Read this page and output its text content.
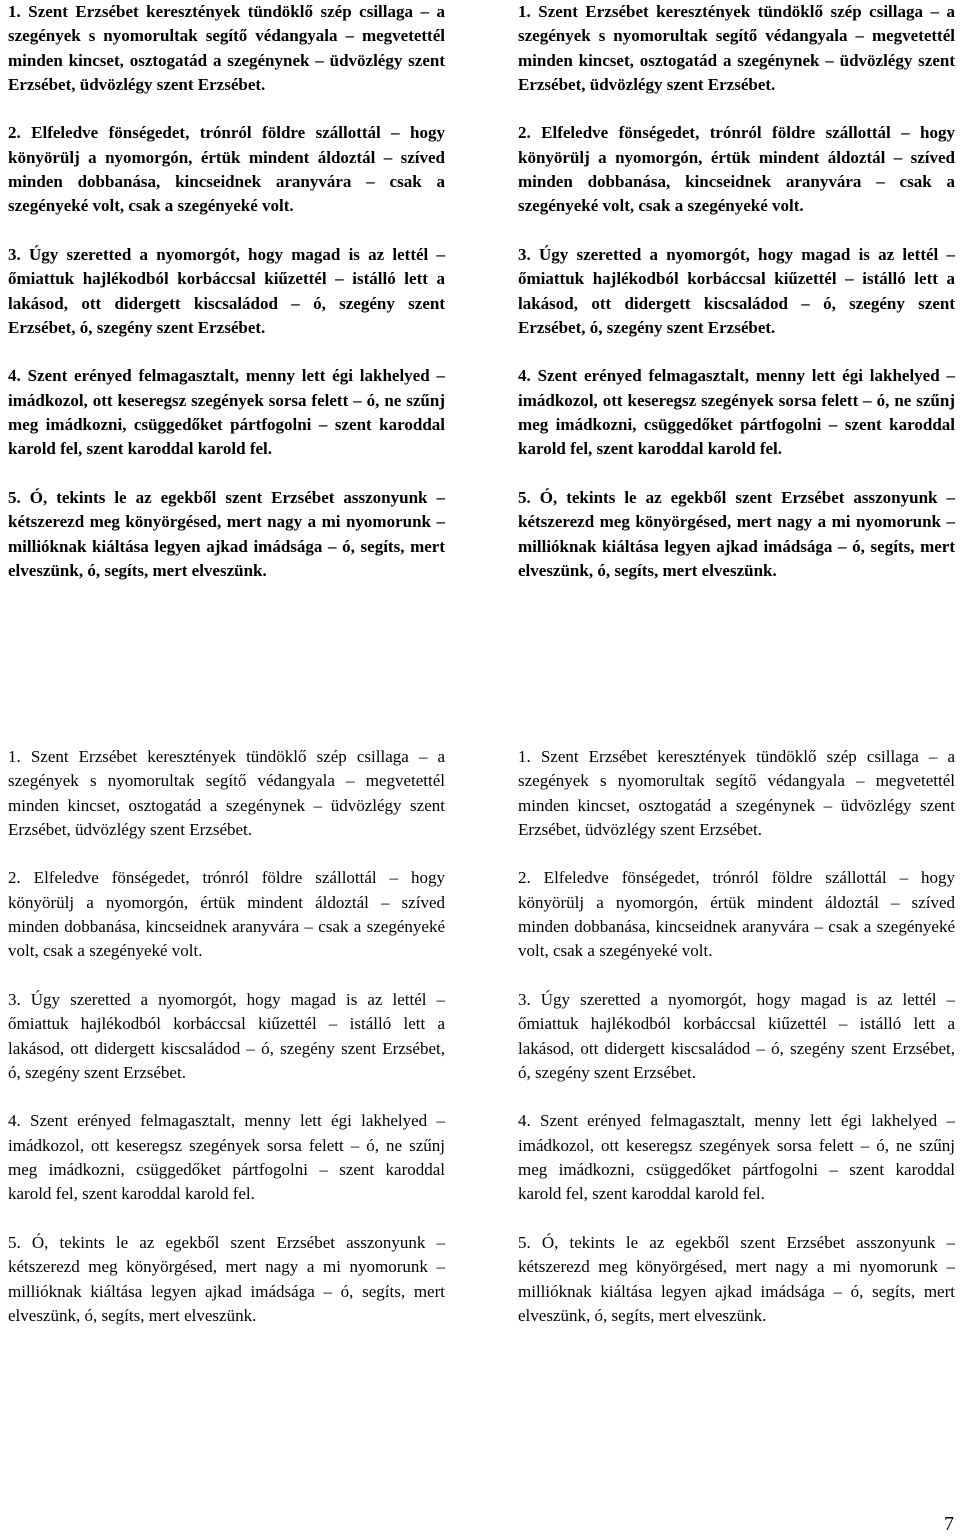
1. Szent Erzsébet keresztények tündöklő szép csillaga – a szegények s nyomorultak segítő védangyala – megvetettél minden kincset, osztogatád a szegénynek – üdvözlégy szent Erzsébet, üdvözlégy szent Erzsébet.

2. Elfeledve fönségedet, trónról földre szállottál – hogy könyörülj a nyomorgón, értük mindent áldoztál – szíved minden dobbanása, kincseidnek aranyvára – csak a szegényeké volt, csak a szegényeké volt.

3. Úgy szeretted a nyomorgót, hogy magad is az lettél – őmiattuk hajlékodból korbáccsal kiűzettél – istálló lett a lakásod, ott didergett kiscsaládod – ó, szegény szent Erzsébet, ó, szegény szent Erzsébet.

4. Szent erényed felmagasztalt, menny lett égi lakhelyed – imádkozol, ott keseregsz szegények sorsa felett – ó, ne szűnj meg imádkozni, csüggedőket pártfogolni – szent karoddal karold fel, szent karoddal karold fel.

5. Ó, tekints le az egekből szent Erzsébet asszonyunk – kétszerezd meg könyörgésed, mert nagy a mi nyomorunk – millióknak kiáltása legyen ajkad imádsága – ó, segíts, mert elveszünk, ó, segíts, mert elveszünk.

1. Szent Erzsébet keresztények tündöklő szép csillaga – a szegények s nyomorultak segítő védangyala – megvetettél minden kincset, osztogatád a szegénynek – üdvözlégy szent Erzsébet, üdvözlégy szent Erzsébet.

2. Elfeledve fönségedet, trónról földre szállottál – hogy könyörülj a nyomorgón, értük mindent áldoztál – szíved minden dobbanása, kincseidnek aranyvára – csak a szegényeké volt, csak a szegényeké volt.

3. Úgy szeretted a nyomorgót, hogy magad is az lettél – őmiattuk hajlékodból korbáccsal kiűzettél – istálló lett a lakásod, ott didergett kiscsaládod – ó, szegény szent Erzsébet, ó, szegény szent Erzsébet.

4. Szent erényed felmagasztalt, menny lett égi lakhelyed – imádkozol, ott keseregsz szegények sorsa felett – ó, ne szűnj meg imádkozni, csüggedőket pártfogolni – szent karoddal karold fel, szent karoddal karold fel.

5. Ó, tekints le az egekből szent Erzsébet asszonyunk – kétszerezd meg könyörgésed, mert nagy a mi nyomorunk – millióknak kiáltása legyen ajkad imádsága – ó, segíts, mert elveszünk, ó, segíts, mert elveszünk.

1. Szent Erzsébet keresztények tündöklő szép csillaga – a szegények s nyomorultak segítő védangyala – megvetettél minden kincset, osztogatád a szegénynek – üdvözlégy szent Erzsébet, üdvözlégy szent Erzsébet.

2. Elfeledve fönségedet, trónról földre szállottál – hogy könyörülj a nyomorgón, értük mindent áldoztál – szíved minden dobbanása, kincseidnek aranyvára – csak a szegényeké volt, csak a szegényeké volt.

3. Úgy szeretted a nyomorgót, hogy magad is az lettél – őmiattuk hajlékodból korbáccsal kiűzettél – istálló lett a lakásod, ott didergett kiscsaládod – ó, szegény szent Erzsébet, ó, szegény szent Erzsébet.

4. Szent erényed felmagasztalt, menny lett égi lakhelyed – imádkozol, ott keseregsz szegények sorsa felett – ó, ne szűnj meg imádkozni, csüggedőket pártfogolni – szent karoddal karold fel, szent karoddal karold fel.

5. Ó, tekints le az egekből szent Erzsébet asszonyunk – kétszerezd meg könyörgésed, mert nagy a mi nyomorunk – millióknak kiáltása legyen ajkad imádsága – ó, segíts, mert elveszünk, ó, segíts, mert elveszünk.

1. Szent Erzsébet keresztények tündöklő szép csillaga – a szegények s nyomorultak segítő védangyala – megvetettél minden kincset, osztogatád a szegénynek – üdvözlégy szent Erzsébet, üdvözlégy szent Erzsébet.

2. Elfeledve fönségedet, trónról földre szállottál – hogy könyörülj a nyomorgón, értük mindent áldoztál – szíved minden dobbanása, kincseidnek aranyvára – csak a szegényeké volt, csak a szegényeké volt.

3. Úgy szeretted a nyomorgót, hogy magad is az lettél – őmiattuk hajlékodból korbáccsal kiűzettél – istálló lett a lakásod, ott didergett kiscsaládod – ó, szegény szent Erzsébet, ó, szegény szent Erzsébet.

4. Szent erényed felmagasztalt, menny lett égi lakhelyed – imádkozol, ott keseregsz szegények sorsa felett – ó, ne szűnj meg imádkozni, csüggedőket pártfogolni – szent karoddal karold fel, szent karoddal karold fel.

5. Ó, tekints le az egekből szent Erzsébet asszonyunk – kétszerezd meg könyörgésed, mert nagy a mi nyomorunk – millióknak kiáltása legyen ajkad imádsága – ó, segíts, mert elveszünk, ó, segíts, mert elveszünk.

7
